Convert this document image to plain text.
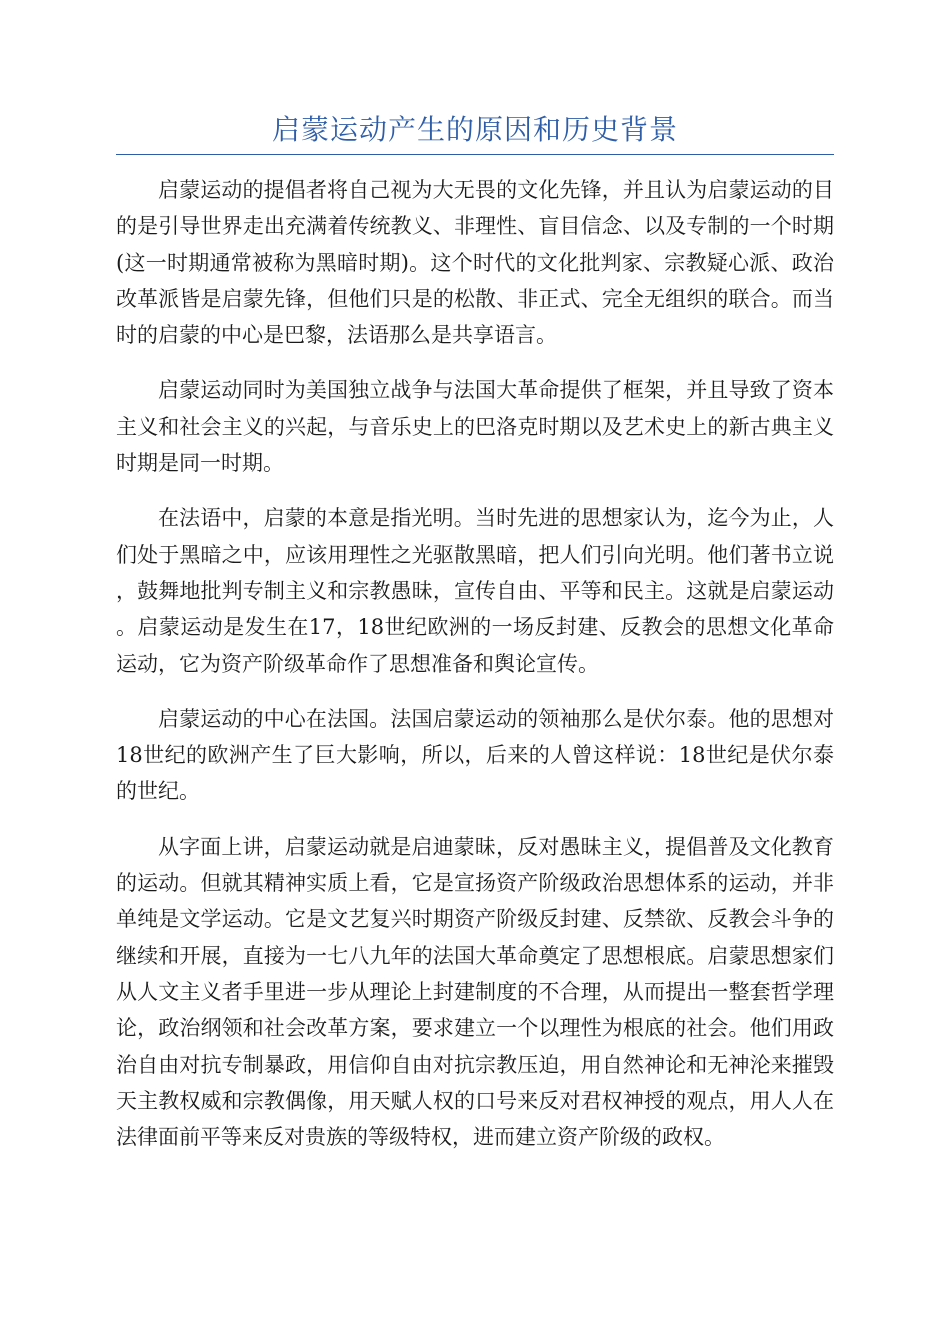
启蒙运动产生的原因和历史背景

启蒙运动的提倡者将自己视为大无畏的文化先锋，并且认为启蒙运动的目的是引导世界走出充满着传统教义、非理性、盲目信念、以及专制的一个时期(这一时期通常被称为黑暗时期)。这个时代的文化批判家、宗教疑心派、政治改革派皆是启蒙先锋，但他们只是的松散、非正式、完全无组织的联合。而当时的启蒙的中心是巴黎，法语那么是共享语言。

启蒙运动同时为美国独立战争与法国大革命提供了框架，并且导致了资本主义和社会主义的兴起，与音乐史上的巴洛克时期以及艺术史上的新古典主义时期是同一时期。

在法语中，启蒙的本意是指光明。当时先进的思想家认为，迄今为止，人们处于黑暗之中，应该用理性之光驱散黑暗，把人们引向光明。他们著书立说，鼓舞地批判专制主义和宗教愚昧，宣传自由、平等和民主。这就是启蒙运动。启蒙运动是发生在17，18世纪欧洲的一场反封建、反教会的思想文化革命运动，它为资产阶级革命作了思想准备和舆论宣传。

启蒙运动的中心在法国。法国启蒙运动的领袖那么是伏尔泰。他的思想对18世纪的欧洲产生了巨大影响，所以，后来的人曾这样说：18世纪是伏尔泰的世纪。

从字面上讲，启蒙运动就是启迪蒙昧，反对愚昧主义，提倡普及文化教育的运动。但就其精神实质上看，它是宣扬资产阶级政治思想体系的运动，并非单纯是文学运动。它是文艺复兴时期资产阶级反封建、反禁欲、反教会斗争的继续和开展，直接为一七八九年的法国大革命奠定了思想根底。启蒙思想家们从人文主义者手里进一步从理论上封建制度的不合理，从而提出一整套哲学理论，政治纲领和社会改革方案，要求建立一个以理性为根底的社会。他们用政治自由对抗专制暴政，用信仰自由对抗宗教压迫，用自然神论和无神沦来摧毁天主教权威和宗教偶像，用天赋人权的口号来反对君权神授的观点，用人人在法律面前平等来反对贵族的等级特权，进而建立资产阶级的政权。
